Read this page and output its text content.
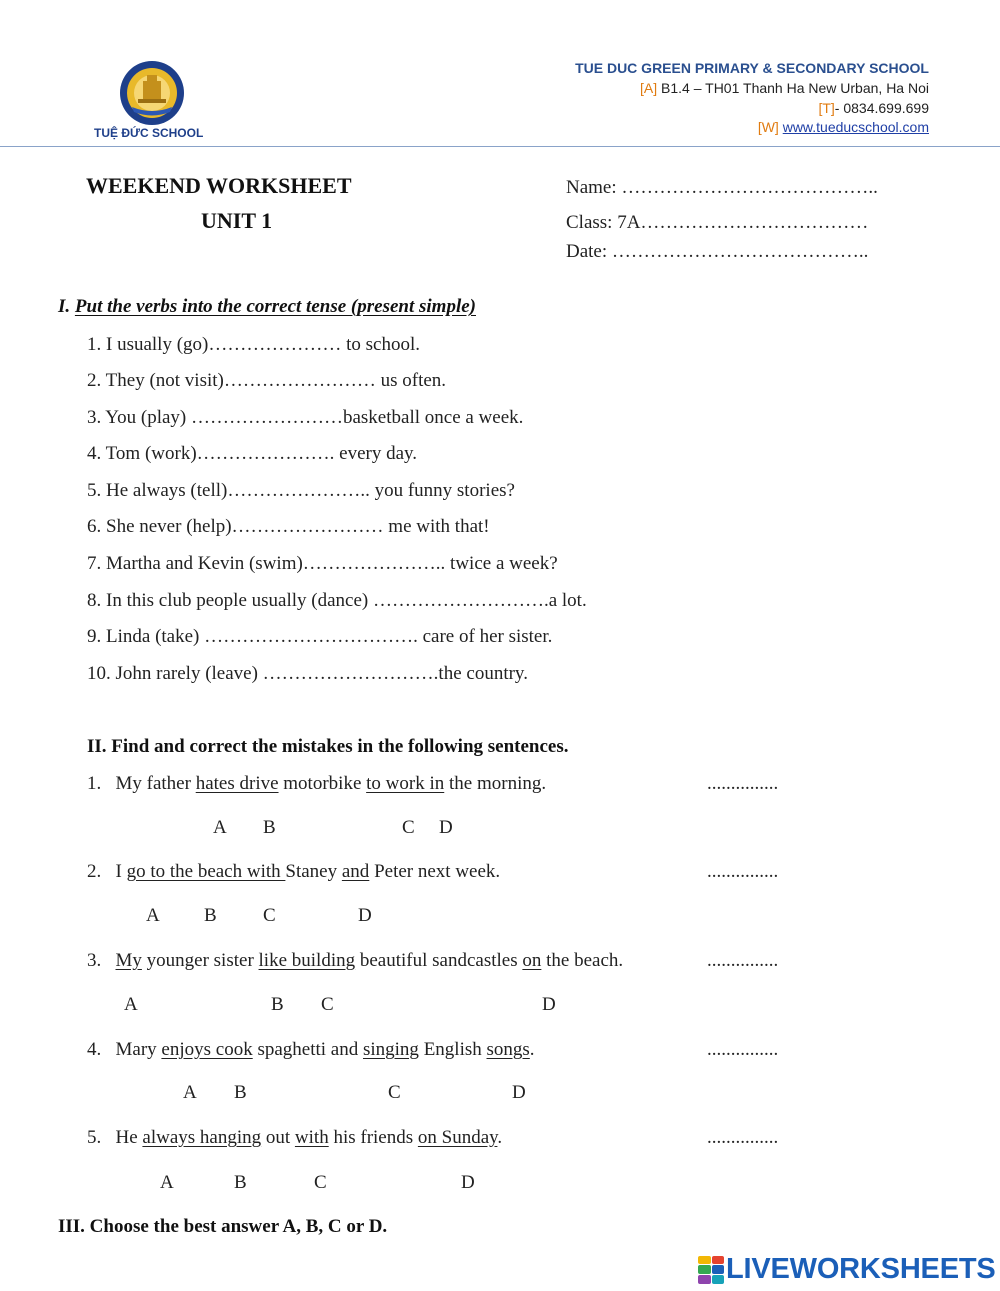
TUỆ ĐỨC SCHOOL
TUE DUC GREEN PRIMARY & SECONDARY SCHOOL
[A] B1.4 – TH01 Thanh Ha New Urban, Ha Noi
[T]- 0834.699.699
[W] www.tueducschool.com
WEEKEND WORKSHEET
UNIT 1
Name: …………………………………..
Class: 7A………………………………
Date: …………………………………..
I. Put the verbs into the correct tense (present simple)
1. I usually (go)………………… to school.
2. They (not visit)…………………… us often.
3. You (play) ……………………basketball once a week.
4. Tom (work)…………………. every day.
5. He always (tell)………………….. you funny stories?
6. She never (help)…………………… me with that!
7. Martha and Kevin (swim)………………….. twice a week?
8. In this club people usually (dance) ……………………….a lot.
9. Linda (take) ……………………………. care of her sister.
10. John rarely (leave) ……………………….the country.
II. Find and correct the mistakes in the following sentences.
1. My father hates drive motorbike to work in the morning.	...............
A B	C D
2. I go to the beach with Staney and Peter next week.	...............
A B C	D
3. My younger sister like building beautiful sandcastles on the beach.	...............
A	B C	D
4. Mary enjoys cook spaghetti and singing English songs.	...............
A B	C	D
5. He always hanging out with his friends on Sunday.	...............
A	B	C	D
III. Choose the best answer A, B, C or D.
LIVEWORKSHEETS
